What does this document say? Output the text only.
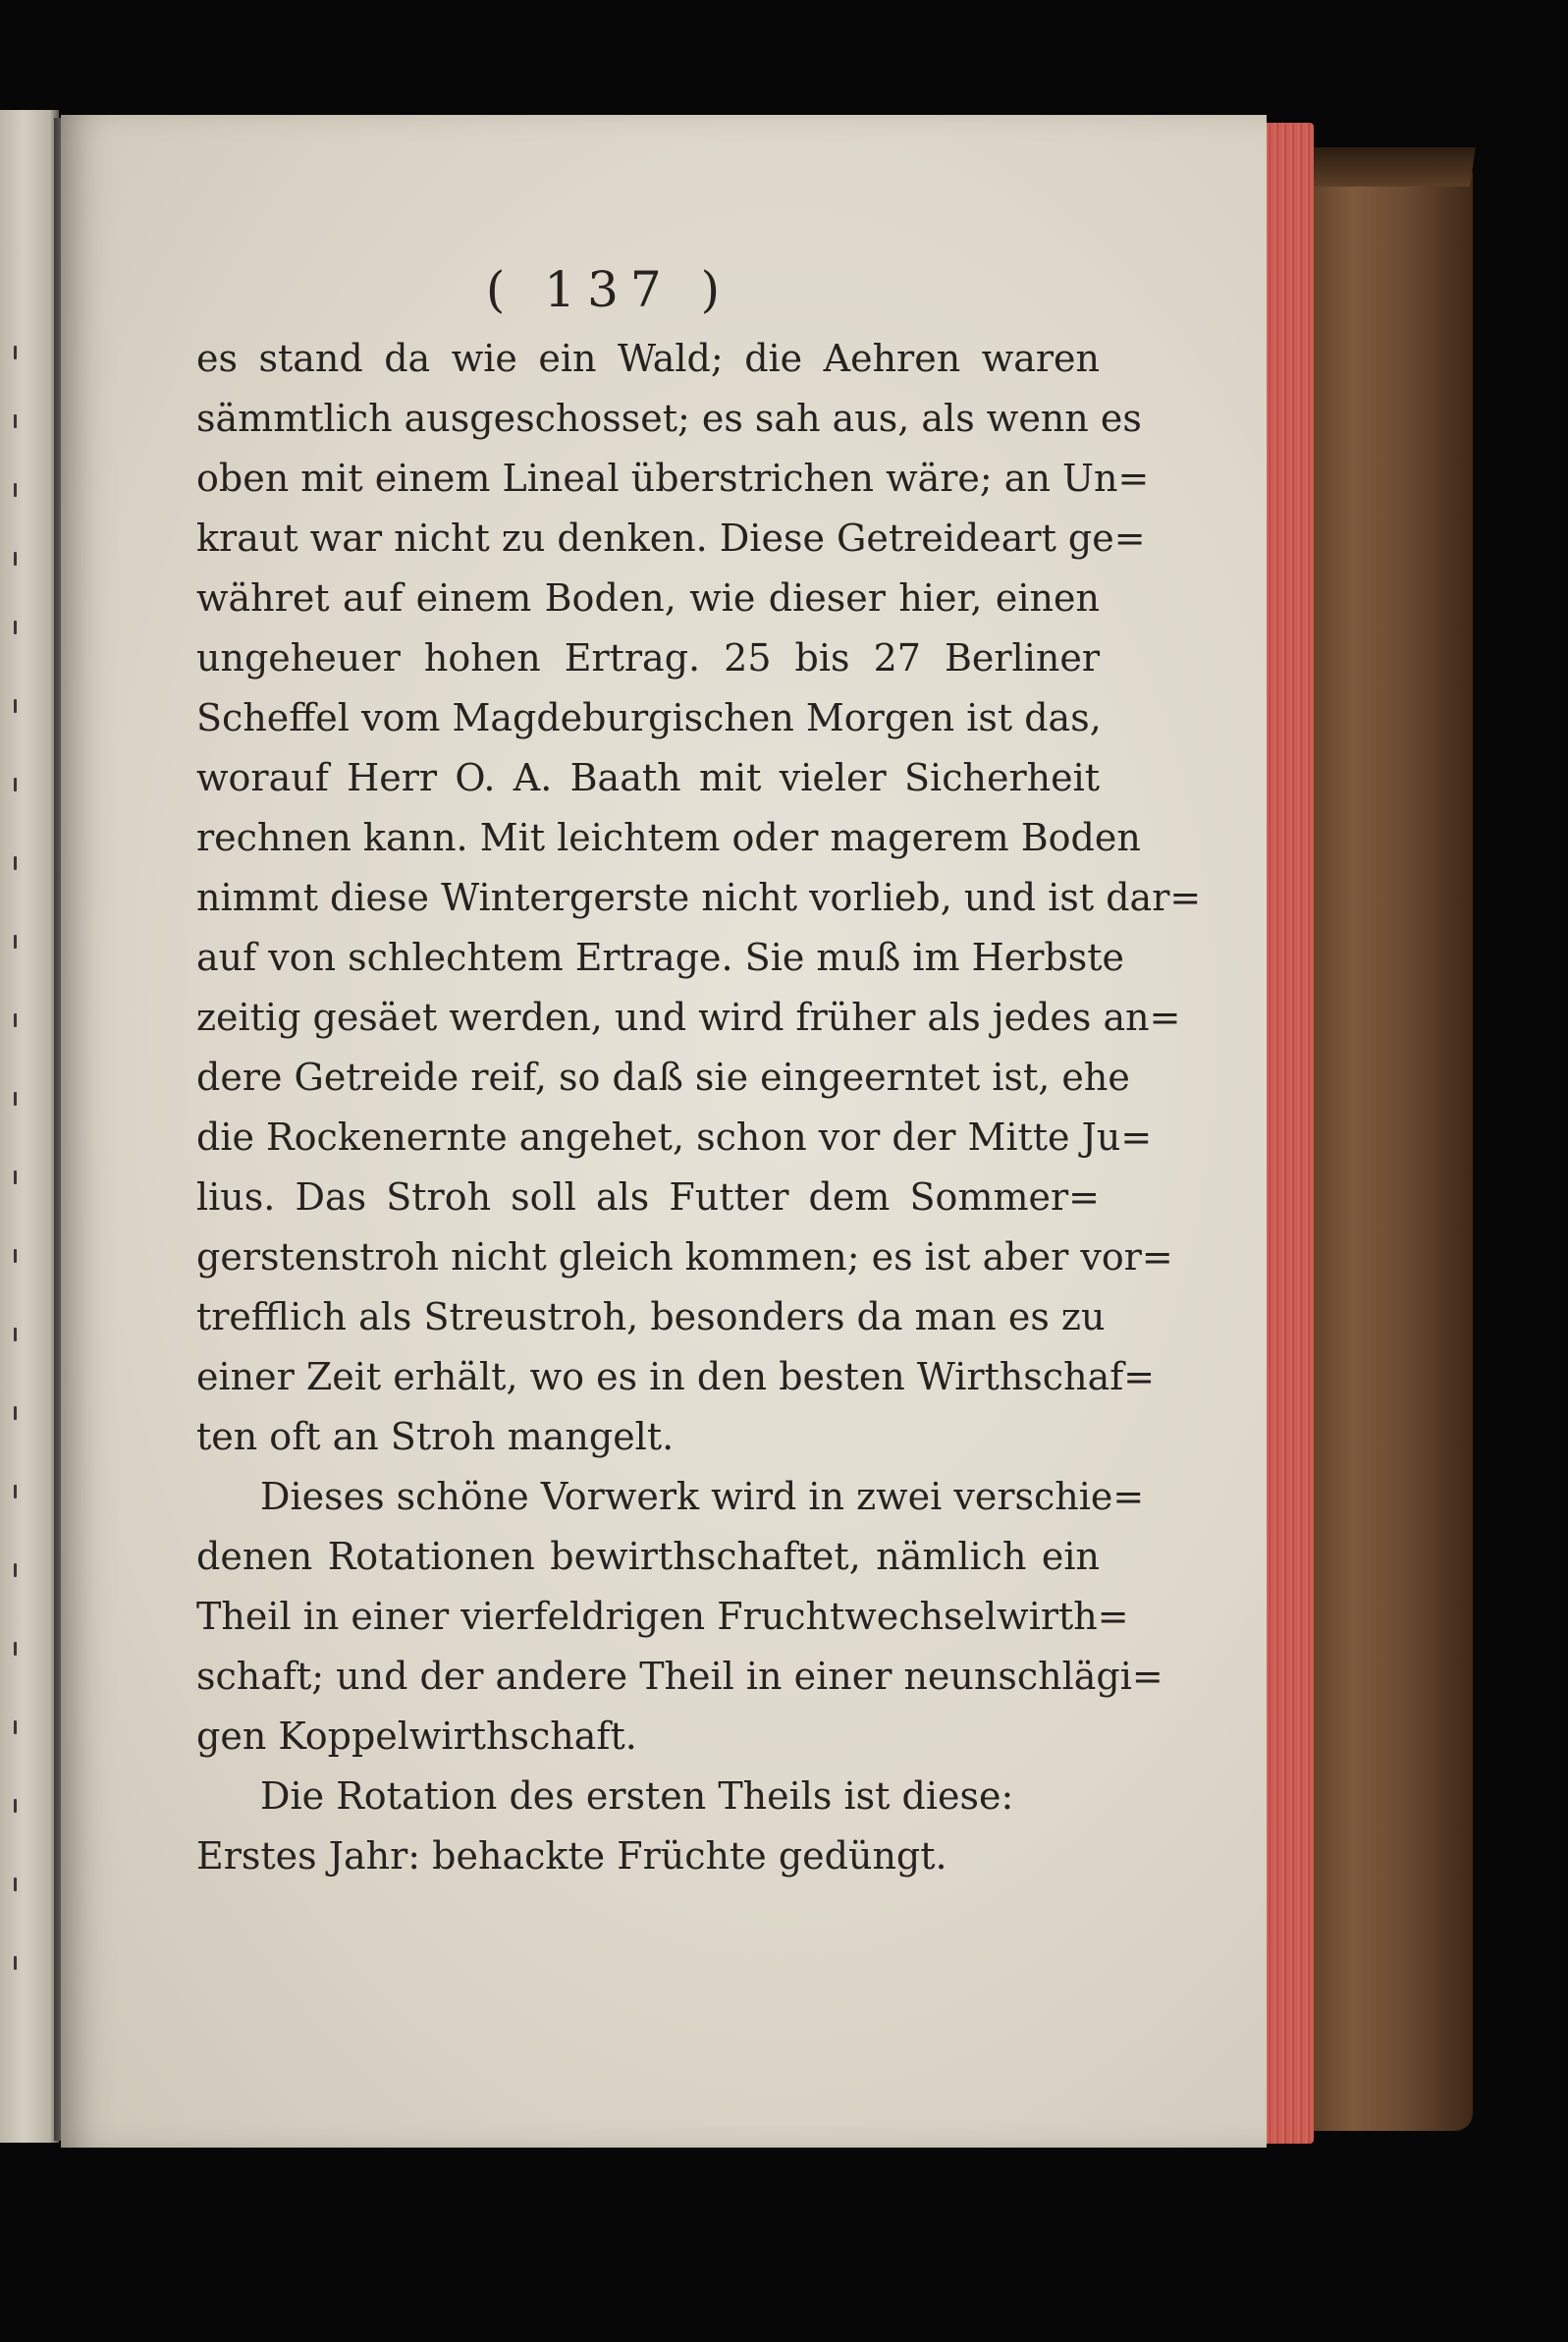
( 137 )
es stand da wie ein Wald; die Aehren waren
sämmtlich ausgeschosset; es sah aus, als wenn es
oben mit einem Lineal überstrichen wäre; an Un=
kraut war nicht zu denken. Diese Getreideart ge=
währet auf einem Boden, wie dieser hier, einen
ungeheuer hohen Ertrag. 25 bis 27 Berliner
Scheffel vom Magdeburgischen Morgen ist das,
worauf Herr O. A. Baath mit vieler Sicherheit
rechnen kann. Mit leichtem oder magerem Boden
nimmt diese Wintergerste nicht vorlieb, und ist dar=
auf von schlechtem Ertrage. Sie muß im Herbste
zeitig gesäet werden, und wird früher als jedes an=
dere Getreide reif, so daß sie eingeerntet ist, ehe
die Rockenernte angehet, schon vor der Mitte Ju=
lius. Das Stroh soll als Futter dem Sommer=
gerstenstroh nicht gleich kommen; es ist aber vor=
trefflich als Streustroh, besonders da man es zu
einer Zeit erhält, wo es in den besten Wirthschaf=
ten oft an Stroh mangelt.
Dieses schöne Vorwerk wird in zwei verschie=
denen Rotationen bewirthschaftet, nämlich ein
Theil in einer vierfeldrigen Fruchtwechselwirth=
schaft; und der andere Theil in einer neunschlägi=
gen Koppelwirthschaft.
Die Rotation des ersten Theils ist diese:
Erstes Jahr: behackte Früchte gedüngt.
